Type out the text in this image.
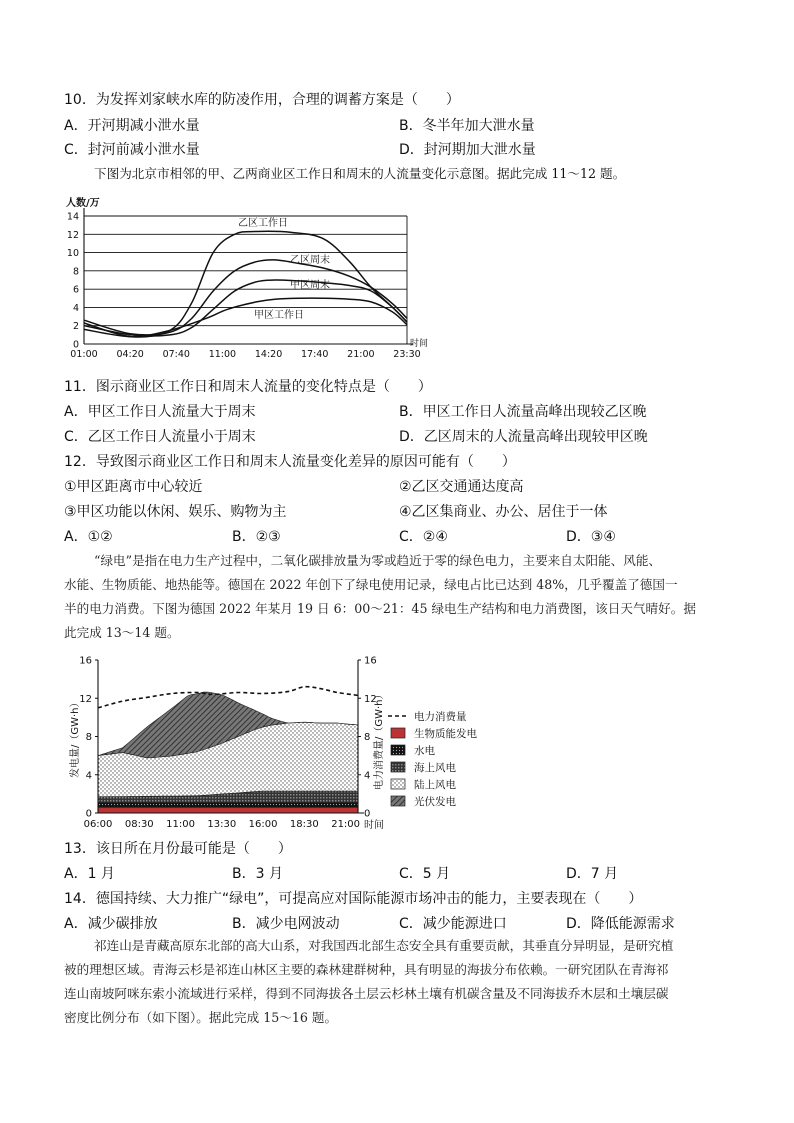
10．为发挥刘家峡水库的防凌作用，合理的调蓄方案是（　　）
A．开河期减小泄水量	B．冬半年加大泄水量
C．封河前减小泄水量	D．封河期加大泄水量
下图为北京市相邻的甲、乙两商业区工作日和周末的人流量变化示意图。据此完成 11～12 题。
人数/万
0
2
4
6
8
10
12
14
01:00 04:20 07:40 11:00 14:20 17:40 21:00 23:30
时间
乙区工作日
乙区周末
甲区周末
甲区工作日
11．图示商业区工作日和周末人流量的变化特点是（　　）
A．甲区工作日人流量大于周末	B．甲区工作日人流量高峰出现较乙区晚
C．乙区工作日人流量小于周末	D．乙区周末的人流量高峰出现较甲区晚
12．导致图示商业区工作日和周末人流量变化差异的原因可能有（　　）
①甲区距离市中心较近	②乙区交通通达度高
③甲区功能以休闲、娱乐、购物为主	④乙区集商业、办公、居住于一体
A．①②	B．②③	C．②④	D．③④
“绿电”是指在电力生产过程中，二氧化碳排放量为零或趋近于零的绿色电力，主要来自太阳能、风能、
水能、生物质能、地热能等。德国在 2022 年创下了绿电使用记录，绿电占比已达到 48%，几乎覆盖了德国一
半的电力消费。下图为德国 2022 年某月 19 日 6：00～21：45 绿电生产结构和电力消费图，该日天气晴好。据
此完成 13～14 题。
0	0
4	4
8	8
12	12
16	16
06:00 08:30 11:00 13:30 16:00 18:30 21:00
发电量/（GW·h）	电力消费量/（GW·h）
时间
电力消费量
生物质能发电
水电
海上风电
陆上风电
光伏发电
13．该日所在月份最可能是（　　）
A．1 月	B．3 月	C．5 月	D．7 月
14．德国持续、大力推广“绿电”，可提高应对国际能源市场冲击的能力，主要表现在（　　）
A．减少碳排放	B．减少电网波动	C．减少能源进口	D．降低能源需求
祁连山是青藏高原东北部的高大山系，对我国西北部生态安全具有重要贡献，其垂直分异明显，是研究植
被的理想区域。青海云杉是祁连山林区主要的森林建群树种，具有明显的海拔分布依赖。一研究团队在青海祁
连山南坡阿咪东索小流域进行采样，得到不同海拔各土层云杉林土壤有机碳含量及不同海拔乔木层和土壤层碳
密度比例分布（如下图）。据此完成 15～16 题。
